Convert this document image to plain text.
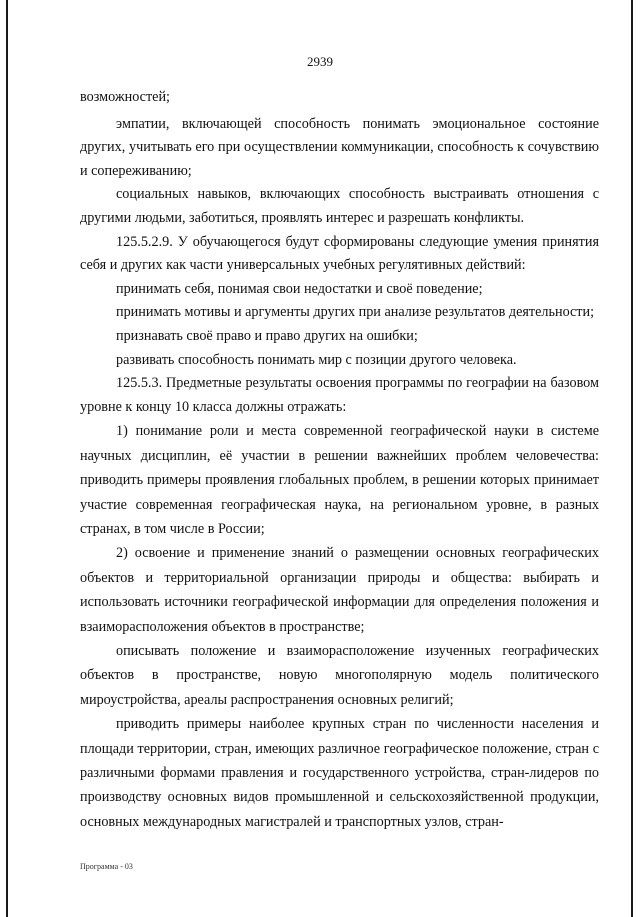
2939

возможностей;

эмпатии, включающей способность понимать эмоциональное состояние других, учитывать его при осуществлении коммуникации, способность к сочувствию и сопереживанию;

социальных навыков, включающих способность выстраивать отношения с другими людьми, заботиться, проявлять интерес и разрешать конфликты.

125.5.2.9. У обучающегося будут сформированы следующие умения принятия себя и других как части универсальных учебных регулятивных действий:

принимать себя, понимая свои недостатки и своё поведение;

принимать мотивы и аргументы других при анализе результатов деятельности;

признавать своё право и право других на ошибки;

развивать способность понимать мир с позиции другого человека.

125.5.3. Предметные результаты освоения программы по географии на базовом уровне к концу 10 класса должны отражать:

1) понимание роли и места современной географической науки в системе научных дисциплин, её участии в решении важнейших проблем человечества: приводить примеры проявления глобальных проблем, в решении которых принимает участие современная географическая наука, на региональном уровне, в разных странах, в том числе в России;

2) освоение и применение знаний о размещении основных географических объектов и территориальной организации природы и общества: выбирать и использовать источники географической информации для определения положения и взаиморасположения объектов в пространстве;

описывать положение и взаиморасположение изученных географических объектов в пространстве, новую многополярную модель политического мироустройства, ареалы распространения основных религий;

приводить примеры наиболее крупных стран по численности населения и площади территории, стран, имеющих различное географическое положение, стран с различными формами правления и государственного устройства, стран-лидеров по производству основных видов промышленной и сельскохозяйственной продукции, основных международных магистралей и транспортных узлов, стран-

Программа - 03
